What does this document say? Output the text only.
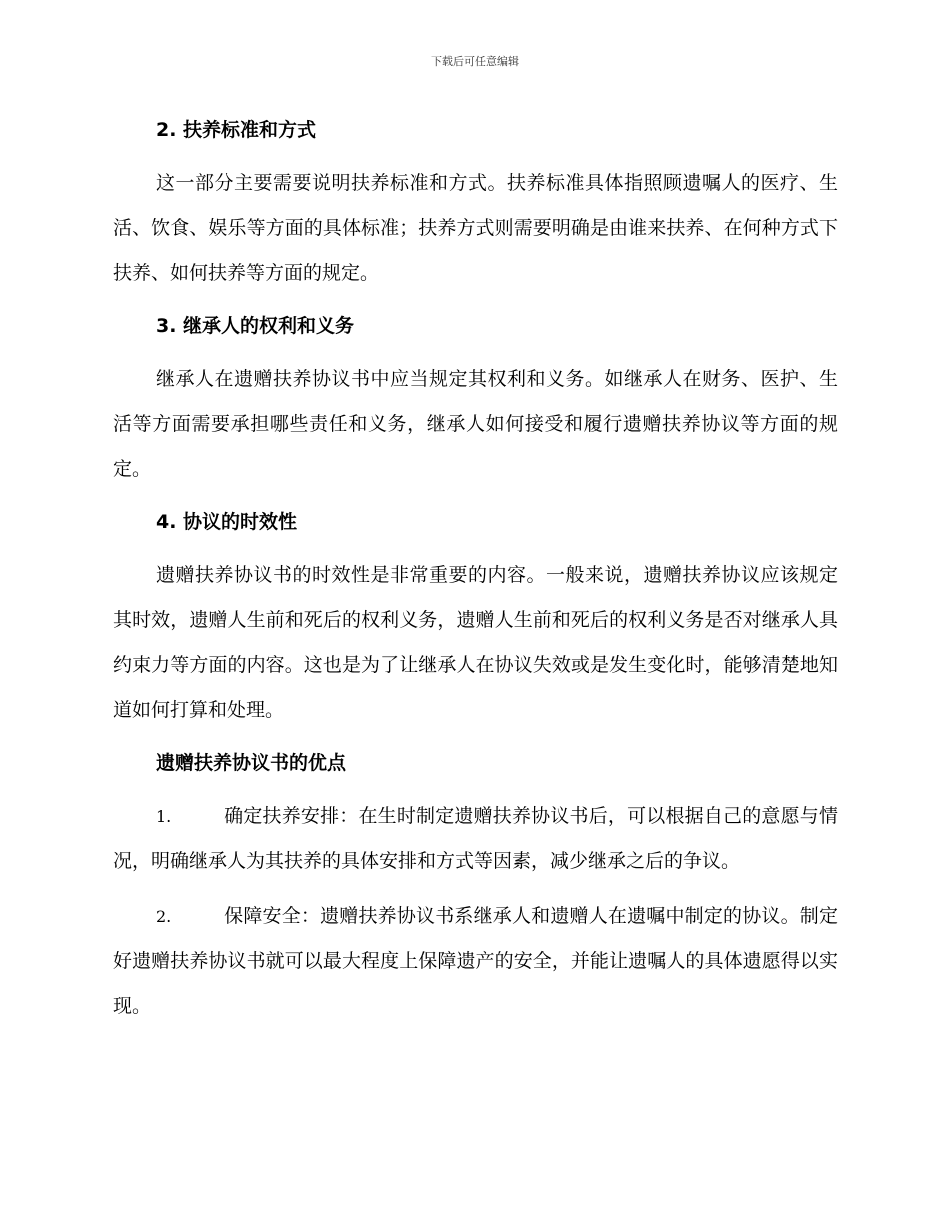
下载后可任意编辑
2. 扶养标准和方式

这一部分主要需要说明扶养标准和方式。扶养标准具体指照顾遗嘱人的医疗、生活、饮食、娱乐等方面的具体标准；扶养方式则需要明确是由谁来扶养、在何种方式下扶养、如何扶养等方面的规定。

3. 继承人的权利和义务

继承人在遗赠扶养协议书中应当规定其权利和义务。如继承人在财务、医护、生活等方面需要承担哪些责任和义务，继承人如何接受和履行遗赠扶养协议等方面的规定。

4. 协议的时效性

遗赠扶养协议书的时效性是非常重要的内容。一般来说，遗赠扶养协议应该规定其时效，遗赠人生前和死后的权利义务，遗赠人生前和死后的权利义务是否对继承人具约束力等方面的内容。这也是为了让继承人在协议失效或是发生变化时，能够清楚地知道如何打算和处理。

遗赠扶养协议书的优点

1.	确定扶养安排：在生时制定遗赠扶养协议书后，可以根据自己的意愿与情况，明确继承人为其扶养的具体安排和方式等因素，减少继承之后的争议。

2.	保障安全：遗赠扶养协议书系继承人和遗赠人在遗嘱中制定的协议。制定好遗赠扶养协议书就可以最大程度上保障遗产的安全，并能让遗嘱人的具体遗愿得以实现。
